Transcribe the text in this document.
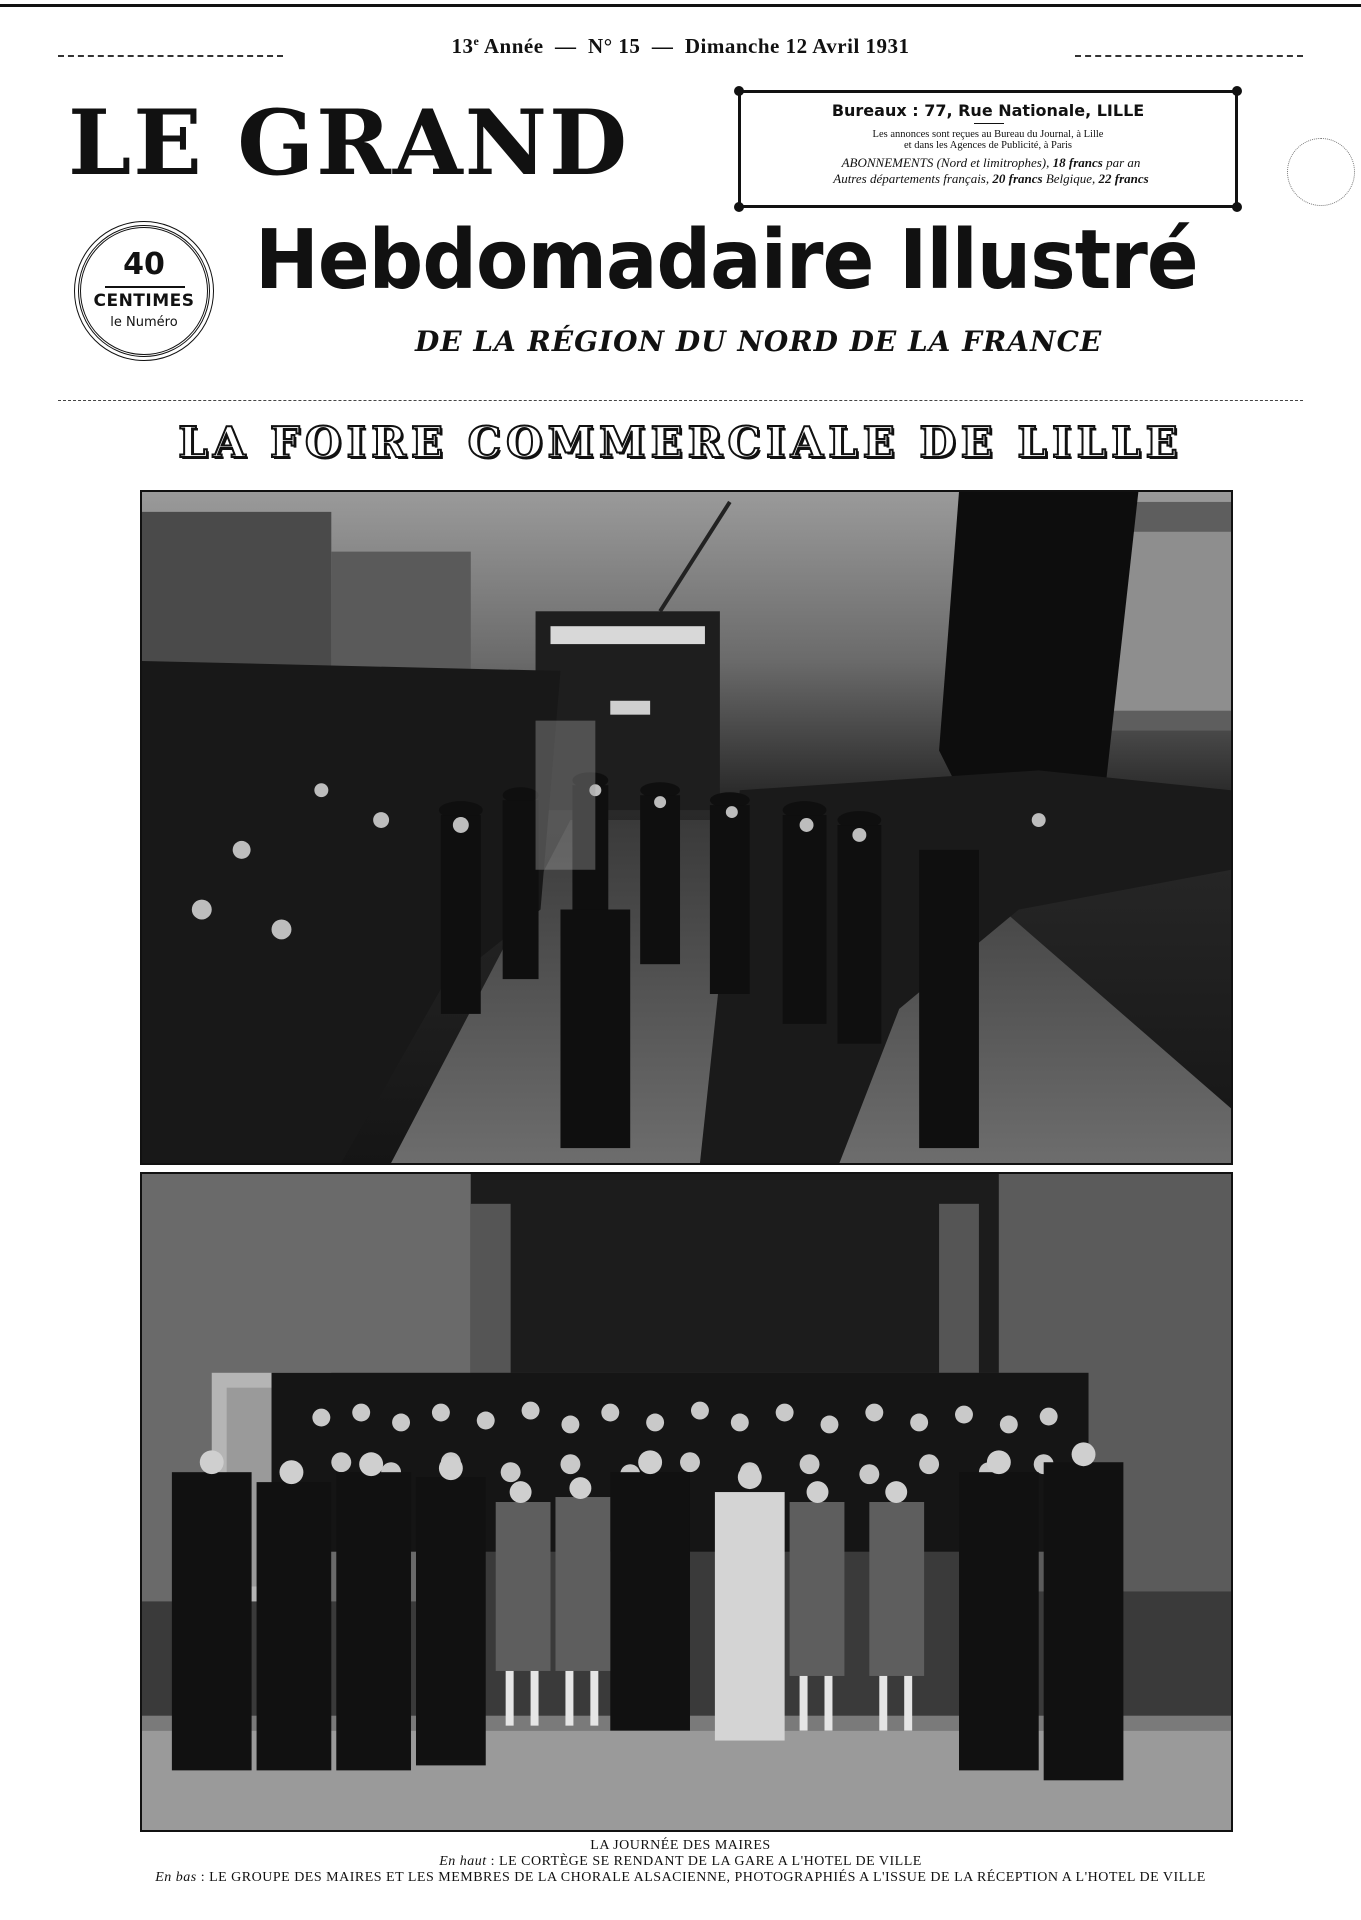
13e Année  —  N° 15  —  Dimanche 12 Avril 1931
LE GRAND	Bureaux : 77, Rue Nationale, LILLE
Les annonces sont reçues au Bureau du Journal, à Lille
et dans les Agences de Publicité, à Paris
ABONNEMENTS (Nord et limitrophes), 18 francs par an
Autres départements français, 20 francs Belgique, 22 francs
40
CENTIMES
le Numéro
Hebdomadaire Illustré
DE LA RÉGION DU NORD DE LA FRANCE
LA FOIRE COMMERCIALE DE LILLE
LA JOURNÉE DES MAIRES
En haut : LE CORTÈGE SE RENDANT DE LA GARE A L'HOTEL DE VILLE
En bas : LE GROUPE DES MAIRES ET LES MEMBRES DE LA CHORALE ALSACIENNE, PHOTOGRAPHIÉS A L'ISSUE DE LA RÉCEPTION A L'HOTEL DE VILLE
